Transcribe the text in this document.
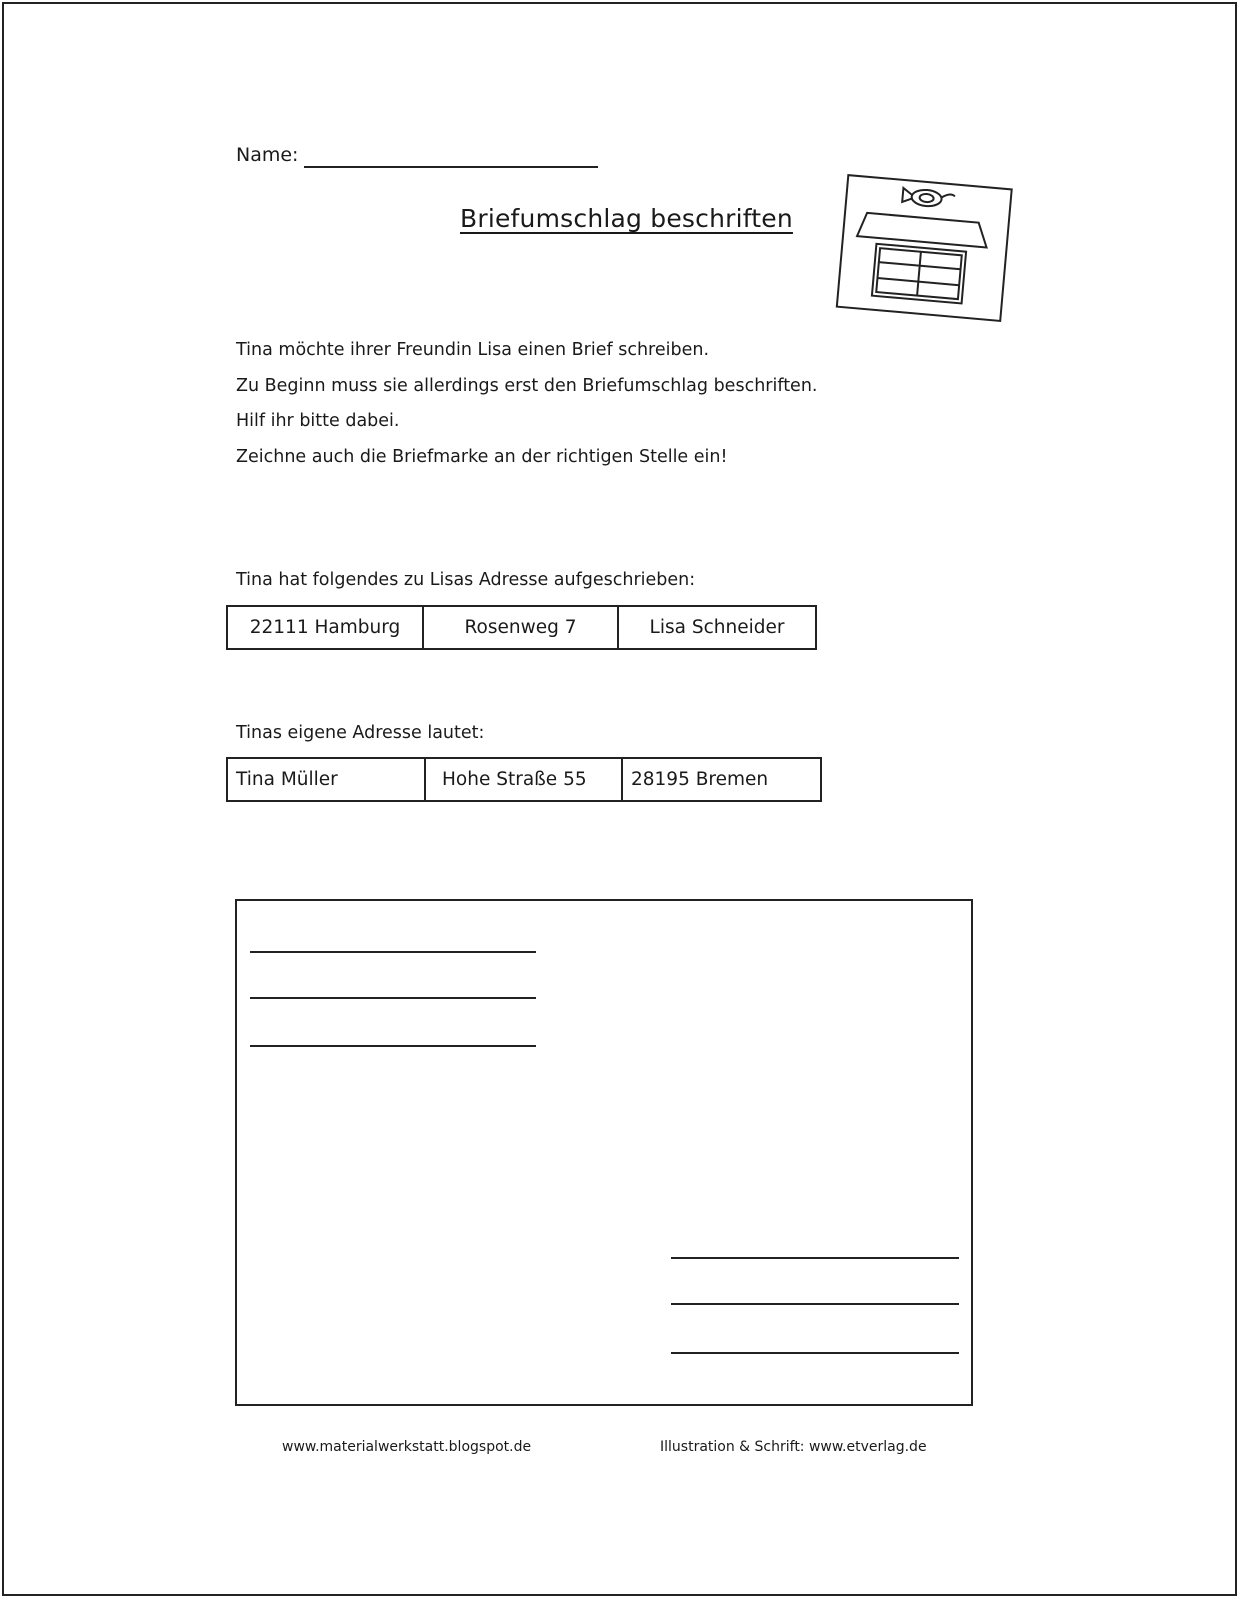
Name:
Briefumschlag beschriften
Tina möchte ihrer Freundin Lisa einen Brief schreiben.
Zu Beginn muss sie allerdings erst den Briefumschlag beschriften.
Hilf ihr bitte dabei.
Zeichne auch die Briefmarke an der richtigen Stelle ein!
Tina hat folgendes zu Lisas Adresse aufgeschrieben:
22111 Hamburg	Rosenweg 7	Lisa Schneider
Tinas eigene Adresse lautet:
Tina Müller	Hohe Straße 55	28195 Bremen
www.materialwerkstatt.blogspot.de	Illustration & Schrift: www.etverlag.de
